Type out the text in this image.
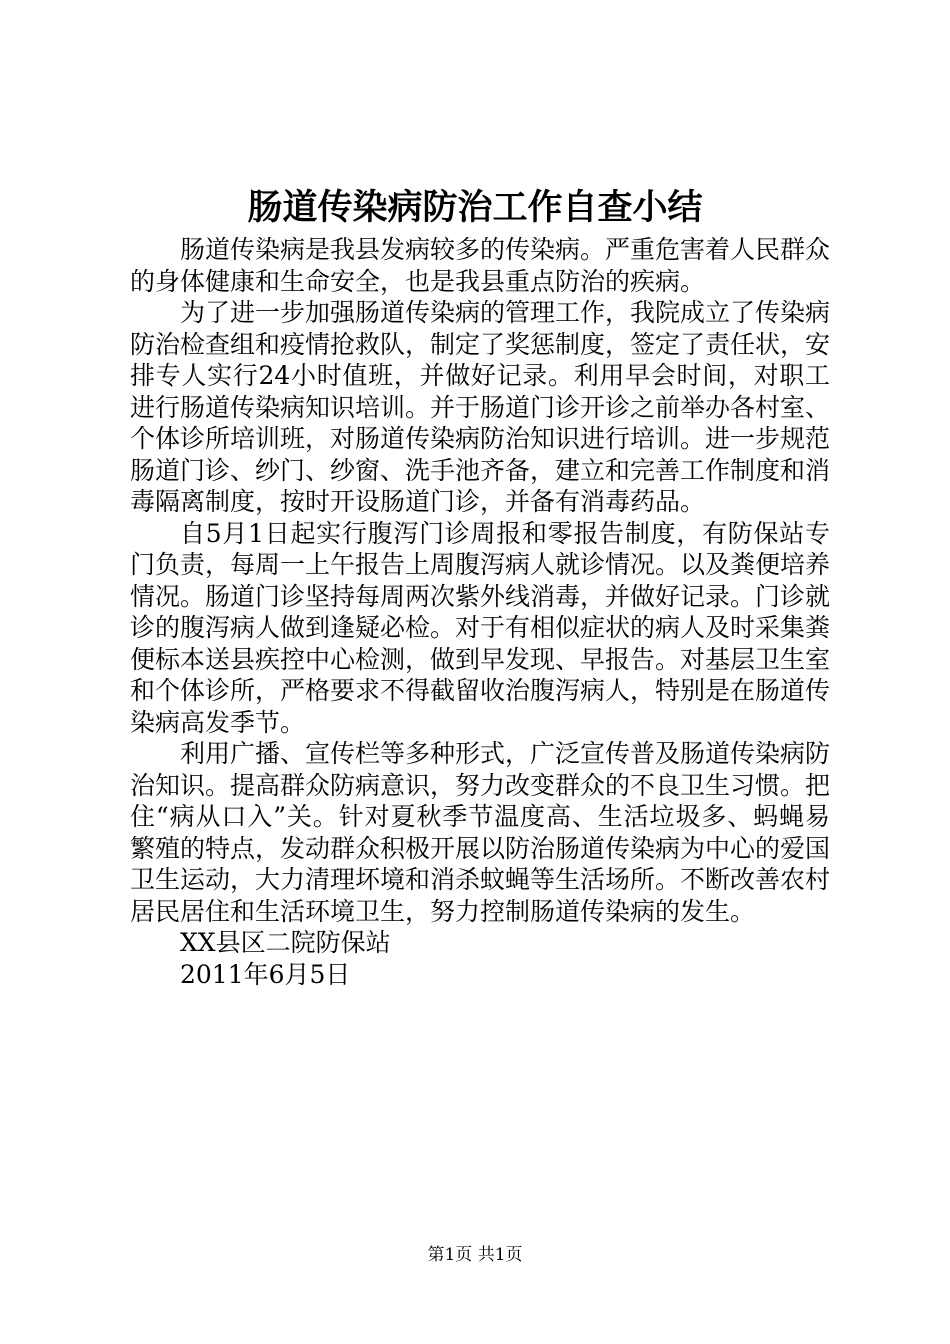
肠道传染病防治工作自查小结

肠道传染病是我县发病较多的传染病。严重危害着人民群众的身体健康和生命安全，也是我县重点防治的疾病。

为了进一步加强肠道传染病的管理工作，我院成立了传染病防治检查组和疫情抢救队，制定了奖惩制度，签定了责任状，安排专人实行24小时值班，并做好记录。利用早会时间，对职工进行肠道传染病知识培训。并于肠道门诊开诊之前举办各村室、个体诊所培训班，对肠道传染病防治知识进行培训。进一步规范肠道门诊、纱门、纱窗、洗手池齐备，建立和完善工作制度和消毒隔离制度，按时开设肠道门诊，并备有消毒药品。

自5月1日起实行腹泻门诊周报和零报告制度，有防保站专门负责，每周一上午报告上周腹泻病人就诊情况。以及粪便培养情况。肠道门诊坚持每周两次紫外线消毒，并做好记录。门诊就诊的腹泻病人做到逢疑必检。对于有相似症状的病人及时采集粪便标本送县疾控中心检测，做到早发现、早报告。对基层卫生室和个体诊所，严格要求不得截留收治腹泻病人，特别是在肠道传染病高发季节。

利用广播、宣传栏等多种形式，广泛宣传普及肠道传染病防治知识。提高群众防病意识，努力改变群众的不良卫生习惯。把住“病从口入”关。针对夏秋季节温度高、生活垃圾多、蚂蝇易繁殖的特点，发动群众积极开展以防治肠道传染病为中心的爱国卫生运动，大力清理坏境和消杀蚊蝇等生活场所。不断改善农村居民居住和生活环境卫生，努力控制肠道传染病的发生。

XX县区二院防保站

2011年6月5日

第1页 共1页
